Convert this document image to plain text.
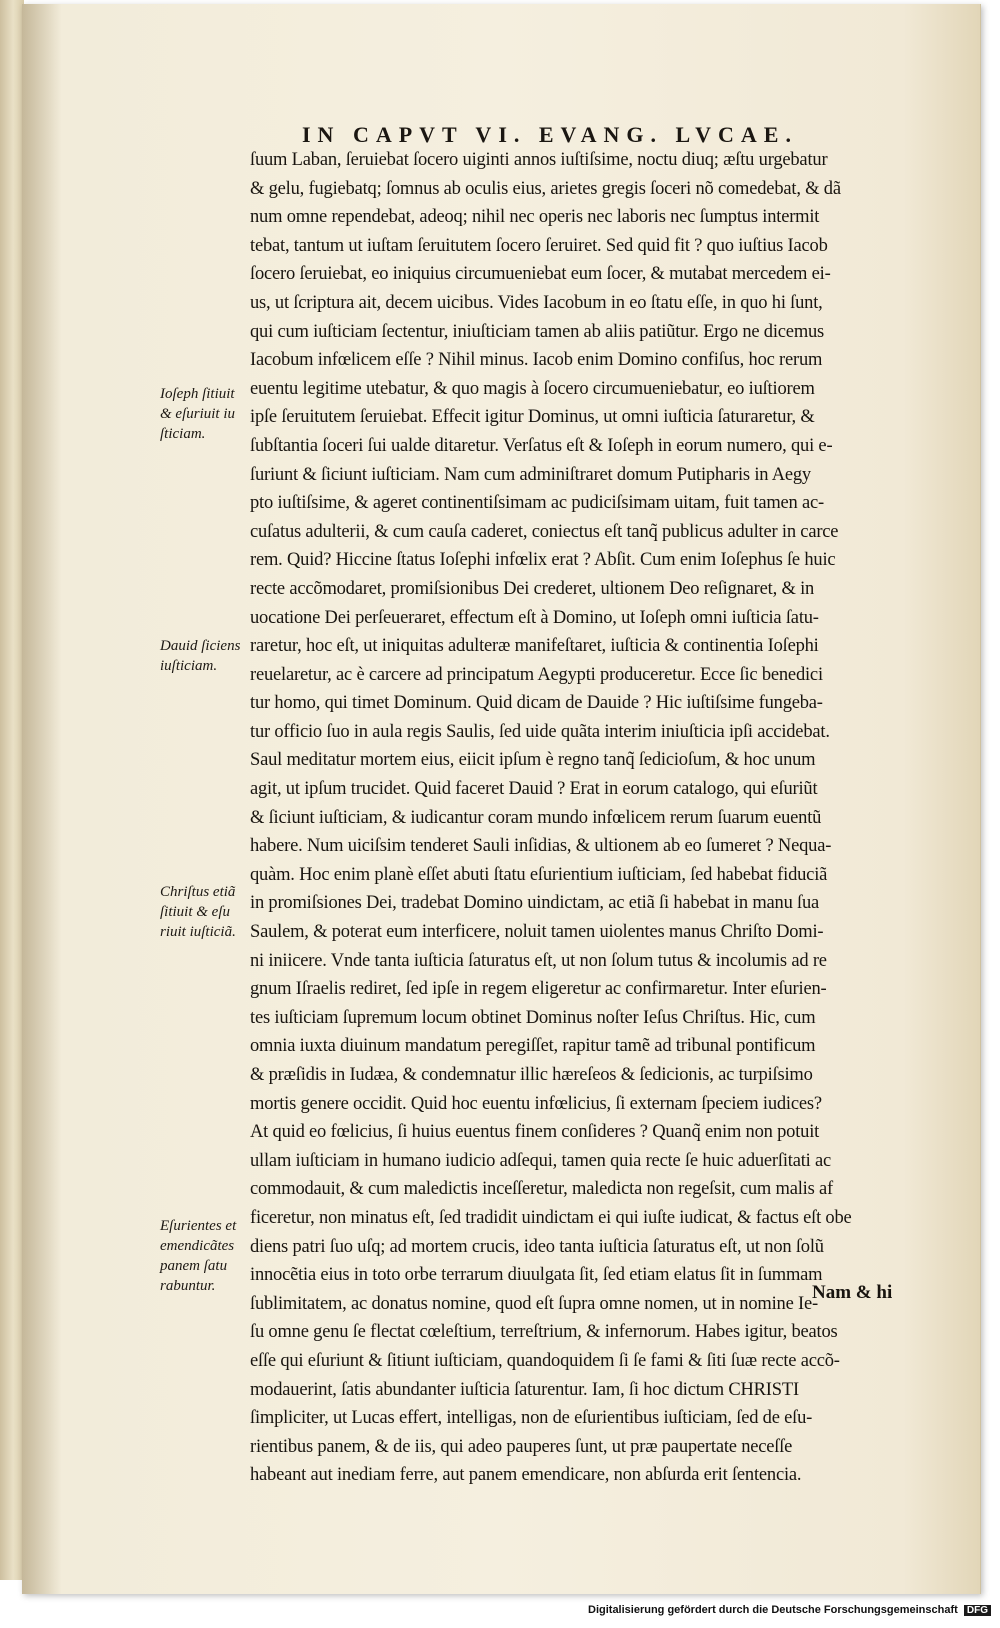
IN CAPVT VI. EVANG. LVCAE.
ſuum Laban, ſeruiebat ſocero uiginti annos iuſtiſsime, noctu diuq; æſtu urgebatur
& gelu, fugiebatq; ſomnus ab oculis eius, arietes gregis ſoceri nõ comedebat, & dã
num omne rependebat, adeoq; nihil nec operis nec laboris nec ſumptus intermit
tebat, tantum ut iuſtam ſeruitutem ſocero ſeruiret. Sed quid fit ? quo iuſtius Iacob
ſocero ſeruiebat, eo iniquius circumueniebat eum ſocer, & mutabat mercedem ei-
us, ut ſcriptura ait, decem uicibus. Vides Iacobum in eo ſtatu eſſe, in quo hi ſunt,
qui cum iuſticiam ſectentur, iniuſticiam tamen ab aliis patiũtur. Ergo ne dicemus
Iacobum infœlicem eſſe ? Nihil minus. Iacob enim Domino confiſus, hoc rerum
euentu legitime utebatur, & quo magis à ſocero circumueniebatur, eo iuſtiorem
ipſe ſeruitutem ſeruiebat. Effecit igitur Dominus, ut omni iuſticia ſaturaretur, &
ſubſtantia ſoceri ſui ualde ditaretur. Verſatus eſt & Ioſeph in eorum numero, qui e-
ſuriunt & ſiciunt iuſticiam. Nam cum adminiſtraret domum Putipharis in Aegy
pto iuſtiſsime, & ageret continentiſsimam ac pudiciſsimam uitam, fuit tamen ac-
cuſatus adulterii, & cum cauſa caderet, coniectus eſt tanq̃ publicus adulter in carce
rem. Quid? Hiccine ſtatus Ioſephi infœlix erat ? Abſit. Cum enim Ioſephus ſe huic
recte accõmodaret, promiſsionibus Dei crederet, ultionem Deo reſignaret, & in
uocatione Dei perſeueraret, effectum eſt à Domino, ut Ioſeph omni iuſticia ſatu-
raretur, hoc eſt, ut iniquitas adulteræ manifeſtaret, iuſticia & continentia Ioſephi
reuelaretur, ac è carcere ad principatum Aegypti produceretur. Ecce ſic benedici
tur homo, qui timet Dominum. Quid dicam de Dauide ? Hic iuſtiſsime fungeba-
tur officio ſuo in aula regis Saulis, ſed uide quãta interim iniuſticia ipſi accidebat.
Saul meditatur mortem eius, eiicit ipſum è regno tanq̃ ſedicioſum, & hoc unum
agit, ut ipſum trucidet. Quid faceret Dauid ? Erat in eorum catalogo, qui eſuriũt
& ſiciunt iuſticiam, & iudicantur coram mundo infœlicem rerum ſuarum euentũ
habere. Num uiciſsim tenderet Sauli inſidias, & ultionem ab eo ſumeret ? Nequa-
quàm. Hoc enim planè eſſet abuti ſtatu eſurientium iuſticiam, ſed habebat fiduciã
in promiſsiones Dei, tradebat Domino uindictam, ac etiã ſi habebat in manu ſua
Saulem, & poterat eum interficere, noluit tamen uiolentes manus Chriſto Domi-
ni iniicere. Vnde tanta iuſticia ſaturatus eſt, ut non ſolum tutus & incolumis ad re
gnum Iſraelis rediret, ſed ipſe in regem eligeretur ac confirmaretur. Inter eſurien-
tes iuſticiam ſupremum locum obtinet Dominus noſter Ieſus Chriſtus. Hic, cum
omnia iuxta diuinum mandatum peregiſſet, rapitur tamẽ ad tribunal pontificum
& præſidis in Iudæa, & condemnatur illic hæreſeos & ſedicionis, ac turpiſsimo
mortis genere occidit. Quid hoc euentu infœlicius, ſi externam ſpeciem iudices?
At quid eo fœlicius, ſi huius euentus finem conſideres ? Quanq̃ enim non potuit
ullam iuſticiam in humano iudicio adſequi, tamen quia recte ſe huic aduerſitati ac
commodauit, & cum maledictis inceſſeretur, maledicta non regeſsit, cum malis af
ficeretur, non minatus eſt, ſed tradidit uindictam ei qui iuſte iudicat, & factus eſt obe
diens patri ſuo uſq; ad mortem crucis, ideo tanta iuſticia ſaturatus eſt, ut non ſolũ
innocẽtia eius in toto orbe terrarum diuulgata ſit, ſed etiam elatus ſit in ſummam
ſublimitatem, ac donatus nomine, quod eſt ſupra omne nomen, ut in nomine Ie-
ſu omne genu ſe flectat cœleſtium, terreſtrium, & infernorum. Habes igitur, beatos
eſſe qui eſuriunt & ſitiunt iuſticiam, quandoquidem ſi ſe fami & ſiti ſuæ recte accõ-
modauerint, ſatis abundanter iuſticia ſaturentur. Iam, ſi hoc dictum CHRISTI
ſimpliciter, ut Lucas effert, intelligas, non de eſurientibus iuſticiam, ſed de eſu-
rientibus panem, & de iis, qui adeo pauperes ſunt, ut præ paupertate neceſſe
habeant aut inediam ferre, aut panem emendicare, non abſurda erit ſentencia.
Nam & hi
Ioſeph ſitiuit
& eſuriuit iu
ſticiam.
Dauid ſiciens
iuſticiam.
Chriſtus etiã
ſitiuit & eſu
riuit iuſticiã.
Eſurientes et
emendicãtes
panem ſatu
rabuntur.
Digitalisierung gefördert durch die Deutsche Forschungsgemeinschaft DFG
